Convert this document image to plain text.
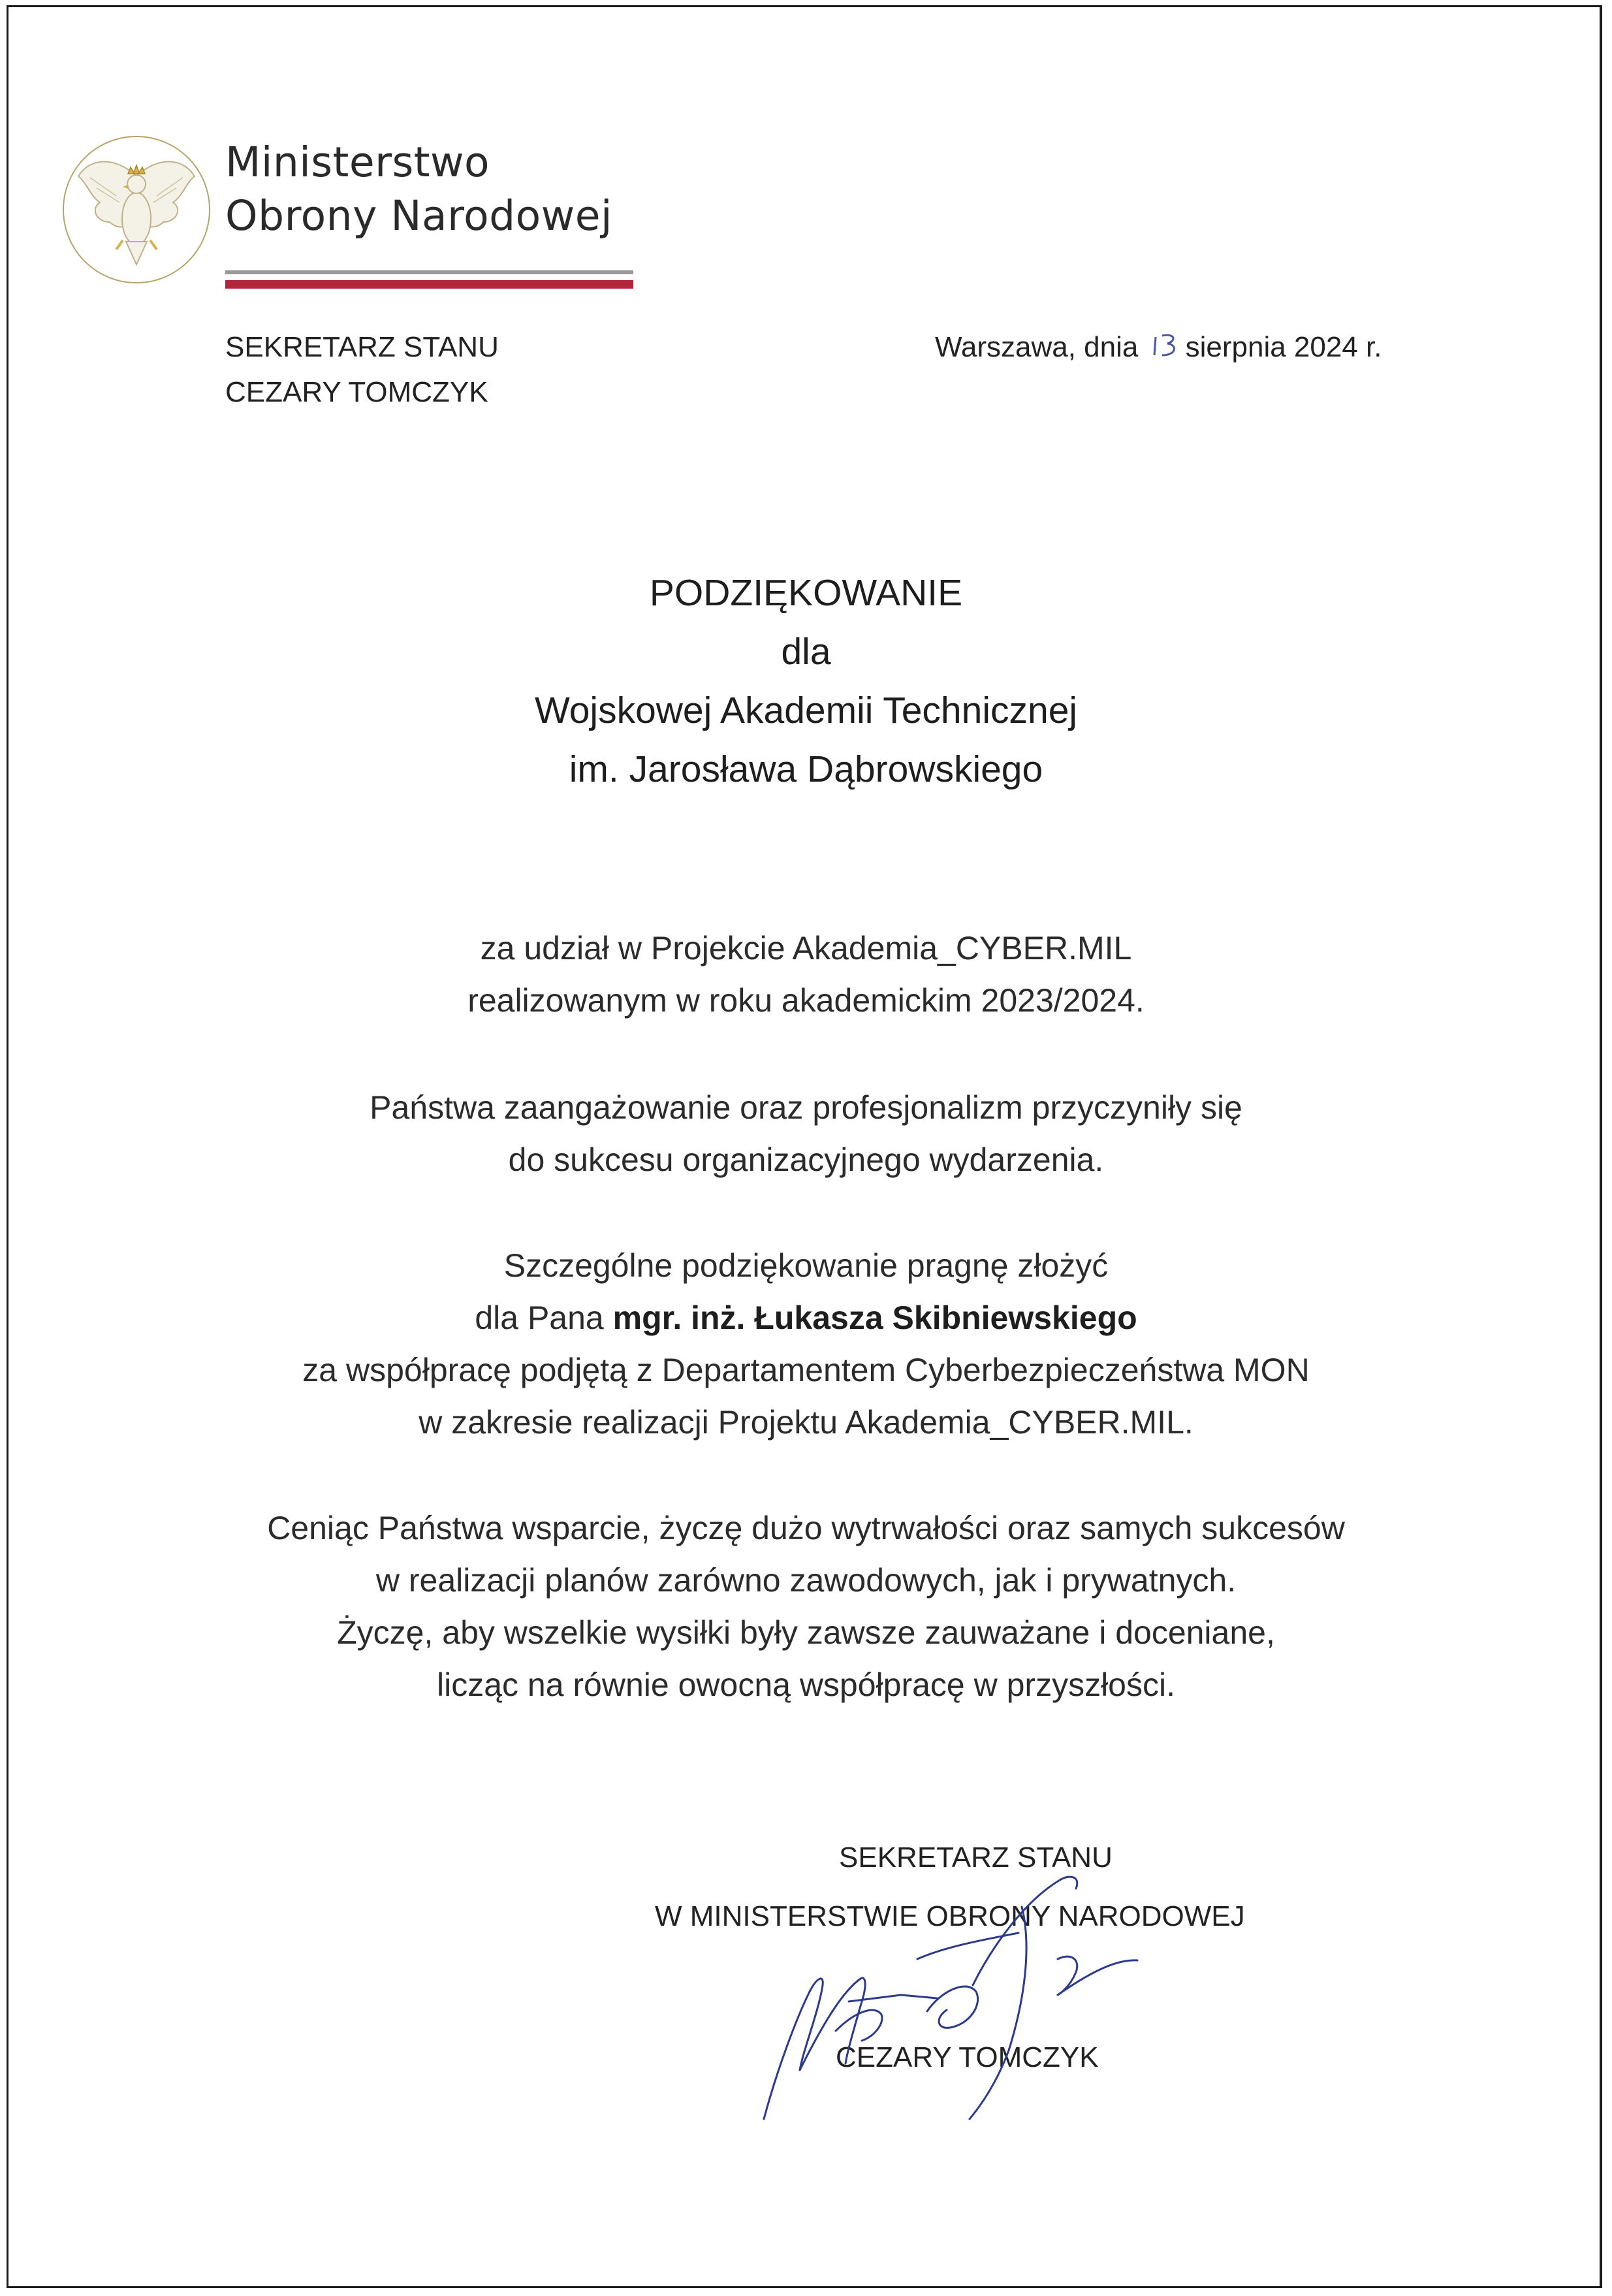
Ministerstwo
Obrony Narodowej
SEKRETARZ STANU
CEZARY TOMCZYK
Warszawa, dnia sierpnia 2024 r.
PODZIĘKOWANIE
dla
Wojskowej Akademii Technicznej
im. Jarosława Dąbrowskiego
za udział w Projekcie Akademia_CYBER.MIL
realizowanym w roku akademickim 2023/2024.
Państwa zaangażowanie oraz profesjonalizm przyczyniły się
do sukcesu organizacyjnego wydarzenia.
Szczególne podziękowanie pragnę złożyć
dla Pana mgr. inż. Łukasza Skibniewskiego
za współpracę podjętą z Departamentem Cyberbezpieczeństwa MON
w zakresie realizacji Projektu Akademia_CYBER.MIL.
Ceniąc Państwa wsparcie, życzę dużo wytrwałości oraz samych sukcesów
w realizacji planów zarówno zawodowych, jak i prywatnych.
Życzę, aby wszelkie wysiłki były zawsze zauważane i doceniane,
licząc na równie owocną współpracę w przyszłości.
SEKRETARZ STANU
W MINISTERSTWIE OBRONY NARODOWEJ
CEZARY TOMCZYK
